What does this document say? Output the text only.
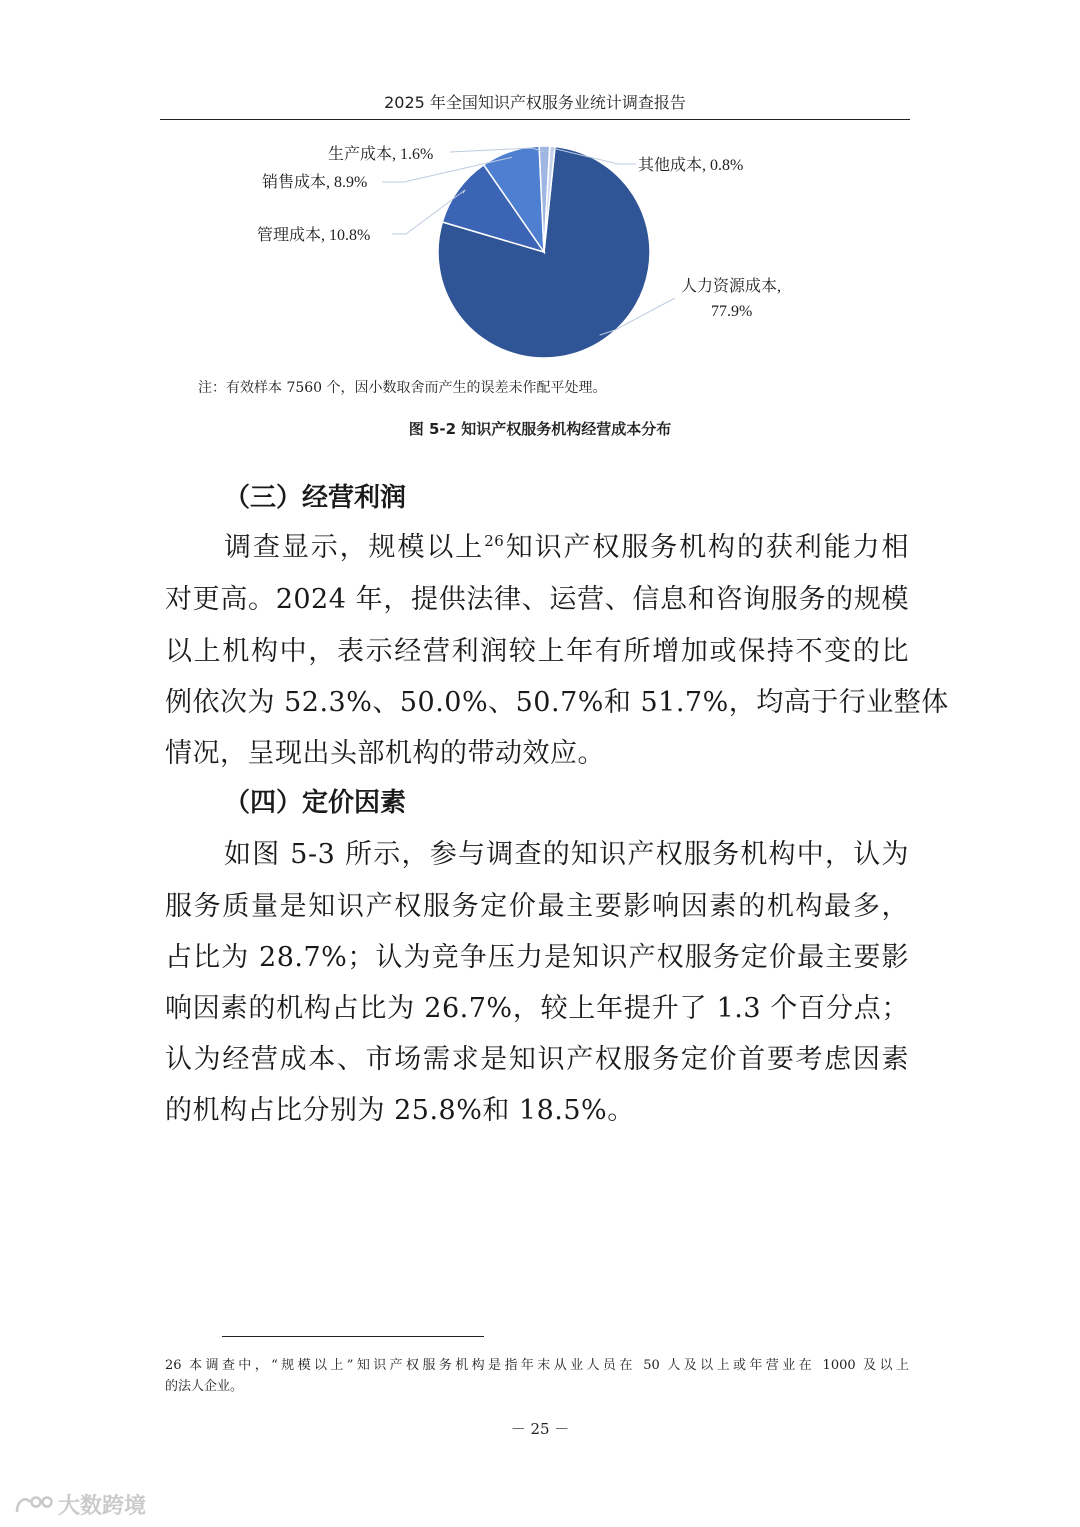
2025 年全国知识产权服务业统计调查报告
其他成本, 0.8%
生产成本, 1.6%
销售成本, 8.9%
管理成本, 10.8%
人力资源成本,
77.9%
注：有效样本 7560 个，因小数取舍而产生的误差未作配平处理。
图 5-2 知识产权服务机构经营成本分布
（三）经营利润
调查显示，规模以上$^{26}$知识产权服务机构的获利能力相
对更高。2024 年，提供法律、运营、信息和咨询服务的规模
以上机构中，表示经营利润较上年有所增加或保持不变的比
例依次为 52.3%、50.0%、50.7%和 51.7%，均高于行业整体
情况，呈现出头部机构的带动效应。
（四）定价因素
如图 5-3 所示，参与调查的知识产权服务机构中，认为
服务质量是知识产权服务定价最主要影响因素的机构最多，
占比为 28.7%；认为竞争压力是知识产权服务定价最主要影
响因素的机构占比为 26.7%，较上年提升了 1.3 个百分点；
认为经营成本、市场需求是知识产权服务定价首要考虑因素
的机构占比分别为 25.8%和 18.5%。
26 本调查中，“规模以上”知识产权服务机构是指年末从业人员在 50 人及以上或年营业在 1000 及以上
的法人企业。
－ 25 －
大数跨境
